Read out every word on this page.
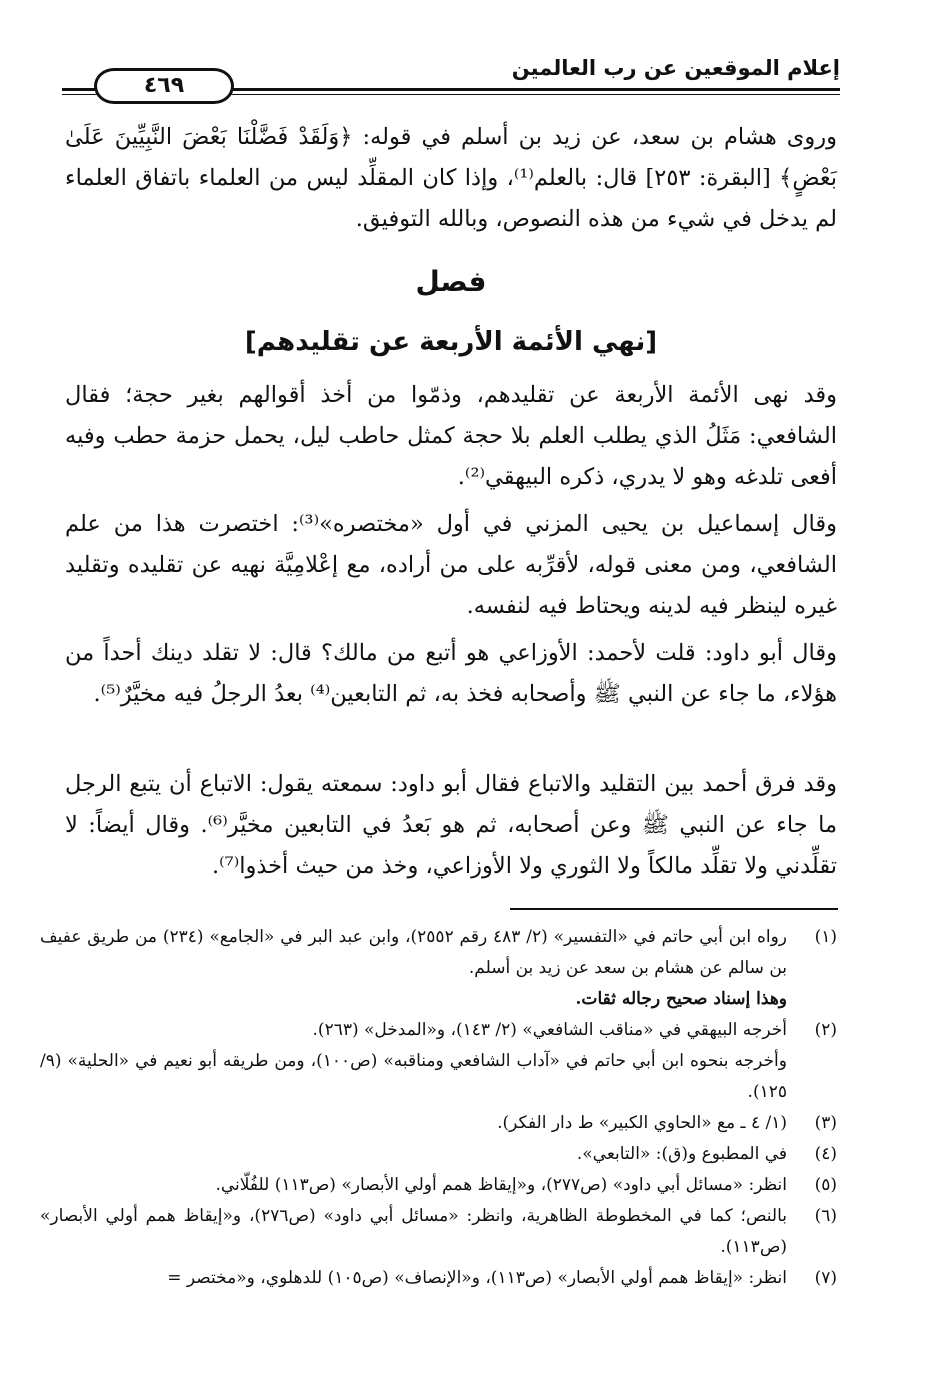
إعلام الموقعين عن رب العالمين
٤٦٩
وروى هشام بن سعد، عن زيد بن أسلم في قوله: ﴿وَلَقَدْ فَضَّلْنَا بَعْضَ النَّبِيِّينَ عَلَىٰ بَعْضٍ﴾ [البقرة: ٢٥٣] قال: بالعلم⁽¹⁾، وإذا كان المقلِّد ليس من العلماء باتفاق العلماء لم يدخل في شيء من هذه النصوص، وبالله التوفيق.
فصل
[نهي الأئمة الأربعة عن تقليدهم]
وقد نهى الأئمة الأربعة عن تقليدهم، وذمّوا من أخذ أقوالهم بغير حجة؛ فقال الشافعي: مَثَلُ الذي يطلب العلم بلا حجة كمثل حاطب ليل، يحمل حزمة حطب وفيه أفعى تلدغه وهو لا يدري، ذكره البيهقي⁽²⁾.
وقال إسماعيل بن يحيى المزني في أول «مختصره»⁽³⁾: اختصرت هذا من علم الشافعي، ومن معنى قوله، لأقرِّبه على من أراده، مع إعْلامِيَّة نهيه عن تقليده وتقليد غيره لينظر فيه لدينه ويحتاط فيه لنفسه.
وقال أبو داود: قلت لأحمد: الأوزاعي هو أتبع من مالك؟ قال: لا تقلد دينك أحداً من هؤلاء، ما جاء عن النبي ﷺ وأصحابه فخذ به، ثم التابعين⁽⁴⁾ بعدُ الرجلُ فيه مخيَّرٌ⁽⁵⁾.
وقد فرق أحمد بين التقليد والاتباع فقال أبو داود: سمعته يقول: الاتباع أن يتبع الرجل ما جاء عن النبي ﷺ وعن أصحابه، ثم هو بَعدُ في التابعين مخيَّر⁽⁶⁾. وقال أيضاً: لا تقلِّدني ولا تقلِّد مالكاً ولا الثوري ولا الأوزاعي، وخذ من حيث أخذوا⁽⁷⁾.
(١)
رواه ابن أبي حاتم في «التفسير» (٢/ ٤٨٣ رقم ٢٥٥٢)، وابن عبد البر في «الجامع» (٢٣٤) من طريق عفيف بن سالم عن هشام بن سعد عن زيد بن أسلم.
وهذا إسناد صحيح رجاله ثقات.
(٢)
أخرجه البيهقي في «مناقب الشافعي» (٢/ ١٤٣)، و«المدخل» (٢٦٣).
وأخرجه بنحوه ابن أبي حاتم في «آداب الشافعي ومناقبه» (ص١٠٠)، ومن طريقه أبو نعيم في «الحلية» (٩/ ١٢٥).
(٣)
(١/ ٤ ـ مع «الحاوي الكبير» ط دار الفكر).
(٤)
في المطبوع و(ق): «التابعي».
(٥)
انظر: «مسائل أبي داود» (ص٢٧٧)، و«إيقاظ همم أولي الأبصار» (ص١١٣) للفُلّاني.
(٦)
بالنص؛ كما في المخطوطة الظاهرية، وانظر: «مسائل أبي داود» (ص٢٧٦)، و«إيقاظ همم أولي الأبصار» (ص١١٣).
(٧)
انظر: «إيقاظ همم أولي الأبصار» (ص١١٣)، و«الإنصاف» (ص١٠٥) للدهلوي، و«مختصر =
